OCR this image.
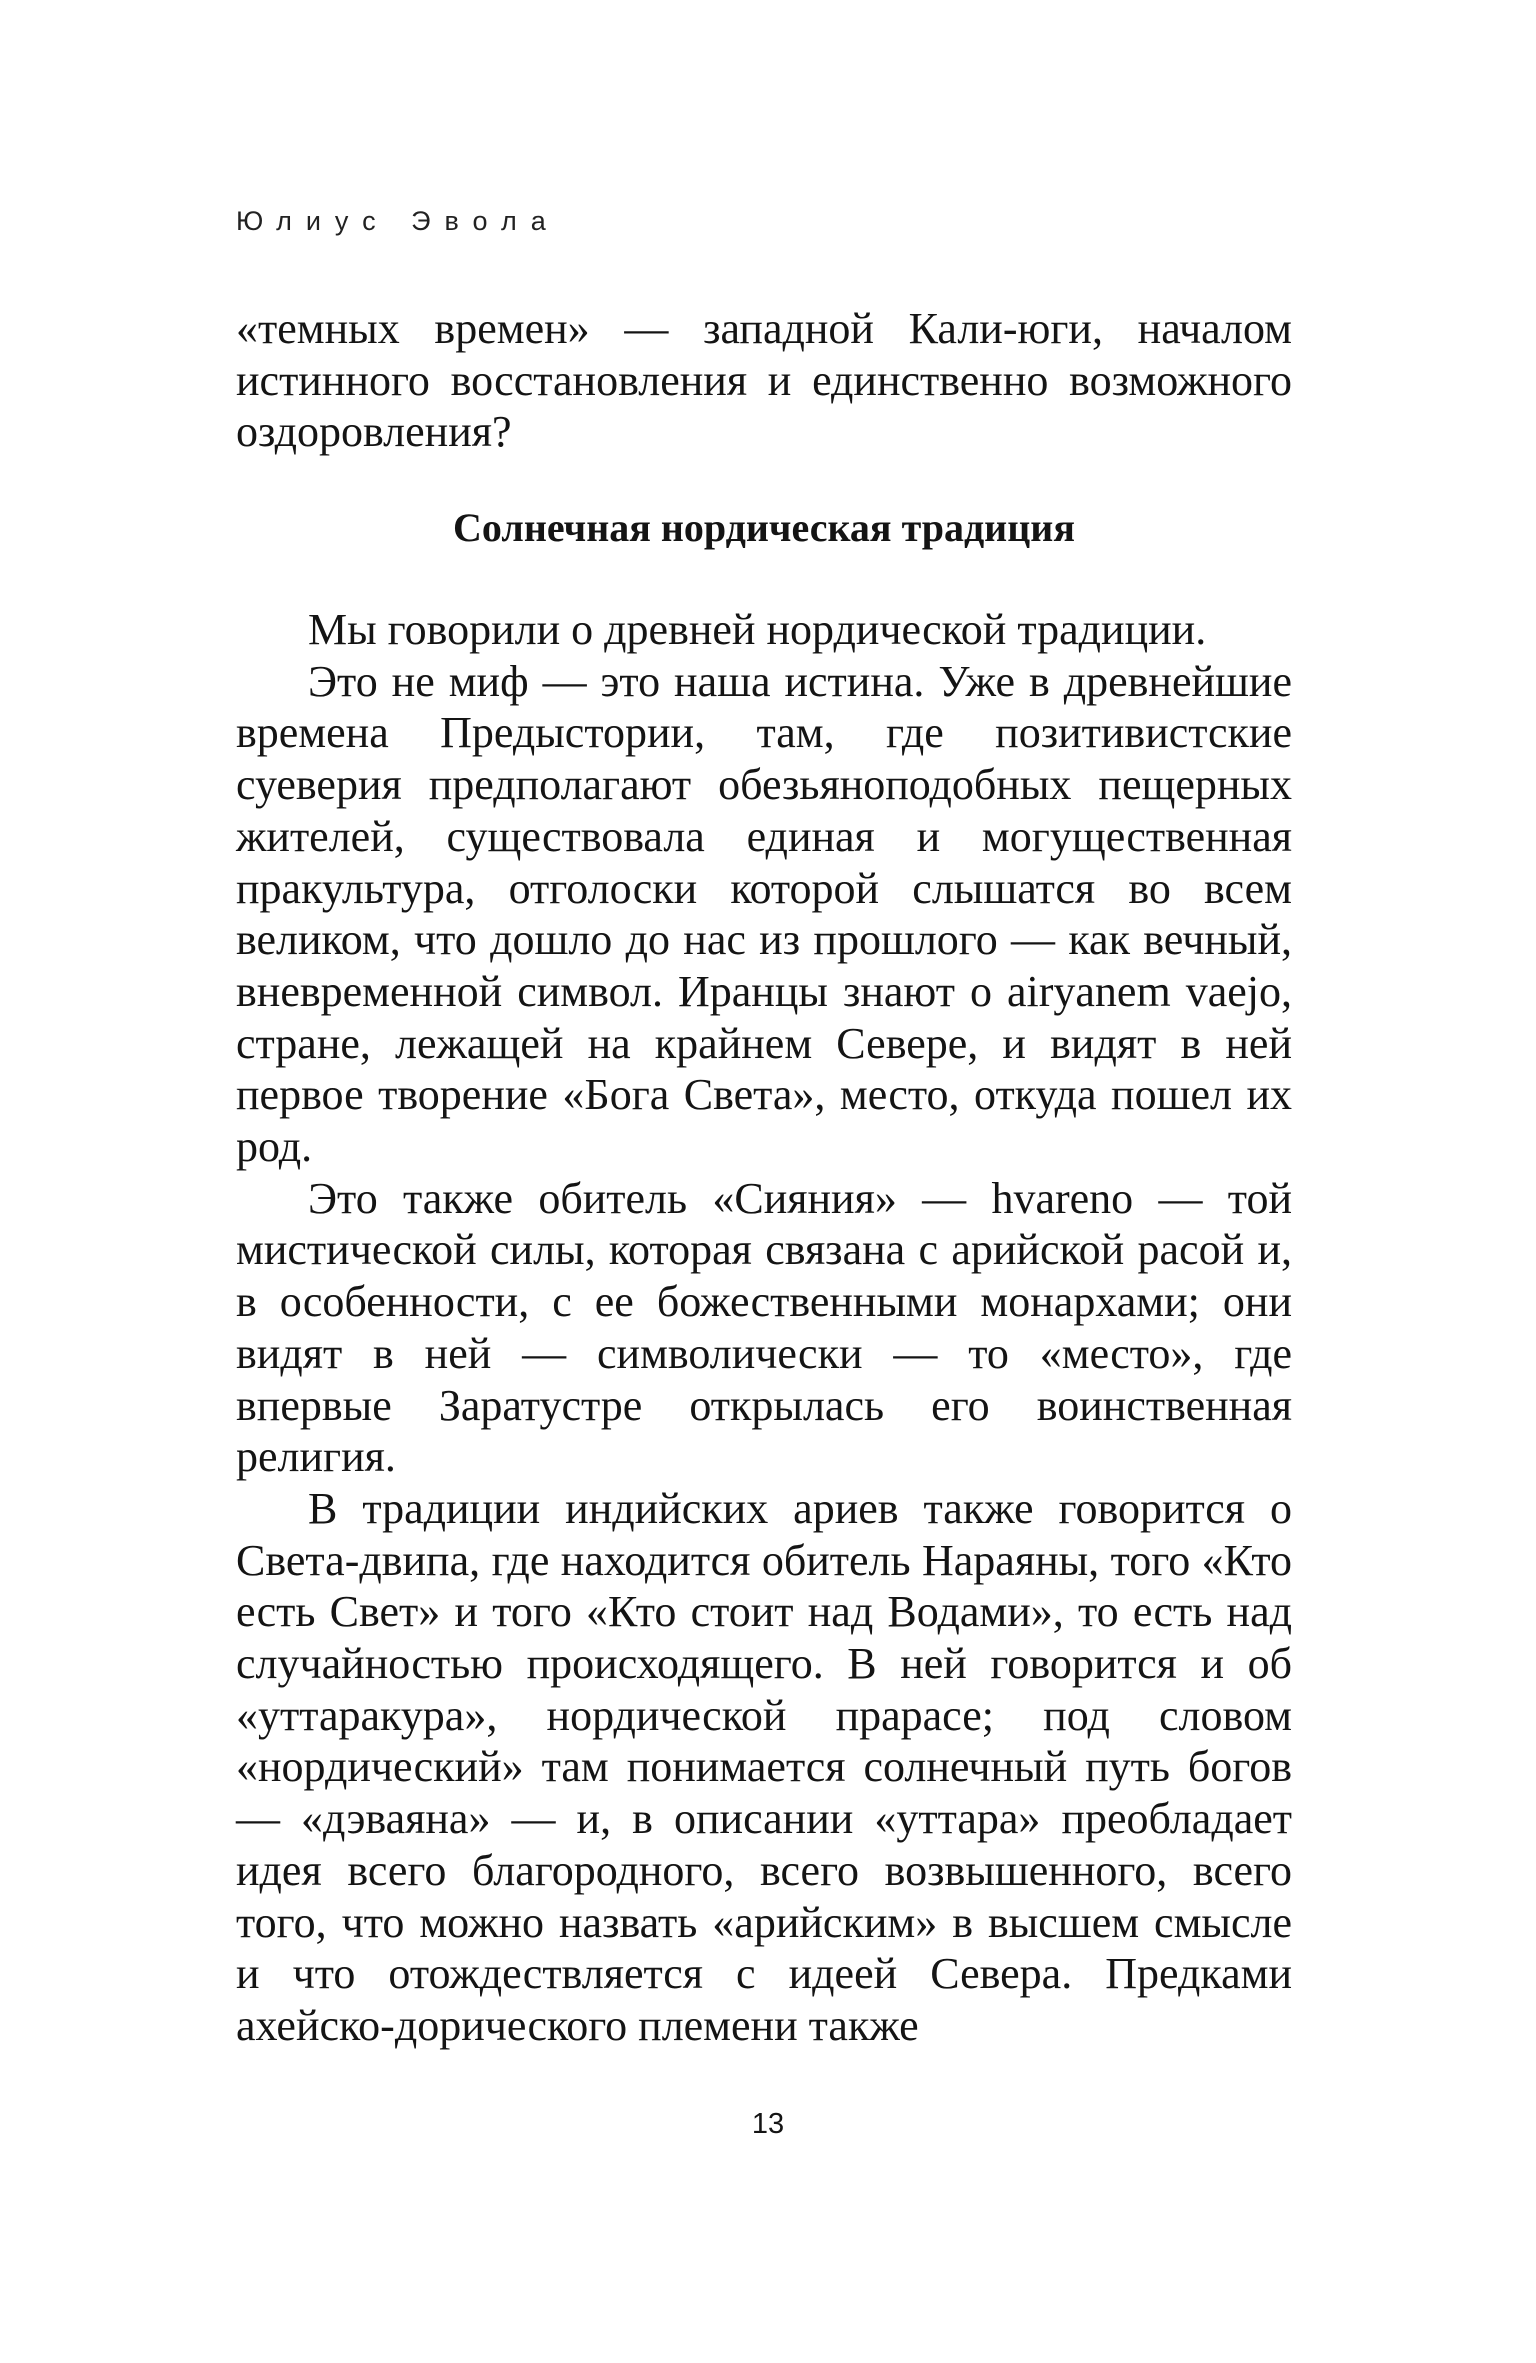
Юлиус Эвола

«темных времен» — западной Кали-юги, началом истинного восстановления и единственно возможного оздоровления?

Солнечная нордическая традиция

Мы говорили о древней нордической традиции.

Это не миф — это наша истина. Уже в древнейшие времена Предыстории, там, где позитивистские суеверия предполагают обезьяноподобных пещерных жителей, существовала единая и могущественная пракультура, отголоски которой слышатся во всем великом, что дошло до нас из прошлого — как вечный, вневременной символ. Иранцы знают о airyanem vaejo, стране, лежащей на крайнем Севере, и видят в ней первое творение «Бога Света», место, откуда пошел их род.

Это также обитель «Сияния» — hvareno — той мистической силы, которая связана с арийской расой и, в особенности, с ее божественными монархами; они видят в ней — символически — то «место», где впервые Заратустре открылась его воинственная религия.

В традиции индийских ариев также говорится о Света-двипа, где находится обитель Нараяны, того «Кто есть Свет» и того «Кто стоит над Водами», то есть над случайностью происходящего. В ней говорится и об «уттаракура», нордической прарасе; под словом «нордический» там понимается солнечный путь богов — «дэваяна» — и, в описании «уттара» преобладает идея всего благородного, всего возвышенного, всего того, что можно назвать «арийским» в высшем смысле и что отождествляется с идеей Севера. Предками ахейско-дорического племени также

13
